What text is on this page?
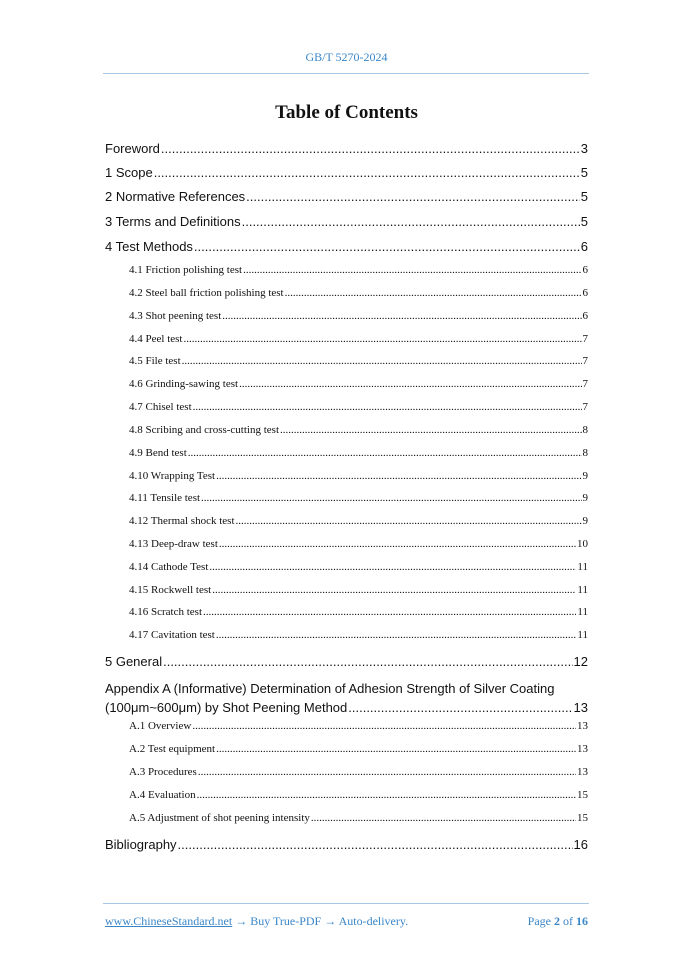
GB/T 5270-2024
Table of Contents
Foreword .....	3
1 Scope .....	5
2 Normative References .....	5
3 Terms and Definitions .....	5
4 Test Methods .....	6
4.1 Friction polishing test .....	6
4.2 Steel ball friction polishing test .....	6
4.3 Shot peening test .....	6
4.4 Peel test .....	7
4.5 File test .....	7
4.6 Grinding-sawing test .....	7
4.7 Chisel test .....	7
4.8 Scribing and cross-cutting test .....	8
4.9 Bend test .....	8
4.10 Wrapping Test .....	9
4.11 Tensile test .....	9
4.12 Thermal shock test .....	9
4.13 Deep-draw test .....	10
4.14 Cathode Test .....	11
4.15 Rockwell test .....	11
4.16 Scratch test .....	11
4.17 Cavitation test .....	11
5 General .....	12
Appendix A (Informative) Determination of Adhesion Strength of Silver Coating
(100μm~600μm) by Shot Peening Method .....	13
A.1 Overview .....	13
A.2 Test equipment .....	13
A.3 Procedures .....	13
A.4 Evaluation .....	15
A.5 Adjustment of shot peening intensity .....	15
Bibliography .....	16
www.ChineseStandard.net → Buy True-PDF → Auto-delivery.	Page 2 of 16
